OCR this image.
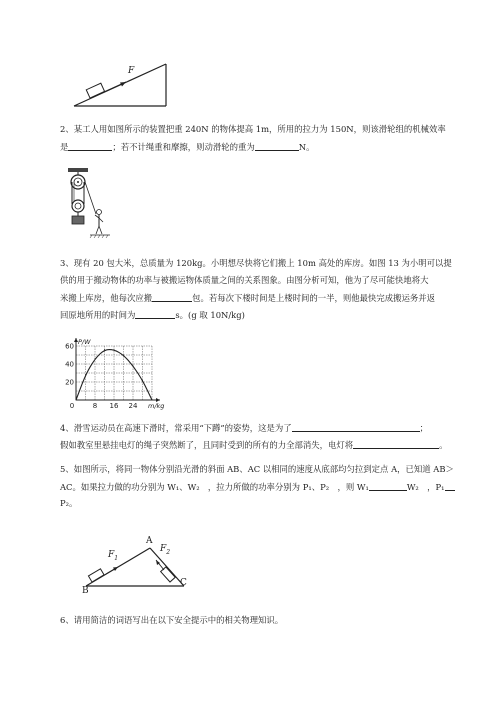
F
2、某工人用如图所示的装置把重 240N 的物体提高 1m，所用的拉力为 150N，则该滑轮组的机械效率
是	；若不计绳重和摩擦，则动滑轮的重为	N。
3、现有 20 包大米，总质量为 120kg。小明想尽快将它们搬上 10m 高处的库房。如图 13 为小明可以提
供的用于搬动物体的功率与被搬运物体质量之间的关系图象。由图分析可知，他为了尽可能快地将大
米搬上库房，他每次应搬	包。若每次下楼时间是上楼时间的一半，则他最快完成搬运务并返
回原地所用的时间为	s。(g 取 10N/kg)
P/W
m/kg
60
40
20
0	8 16 24
4、滑雪运动员在高速下滑时，常采用“下蹲”的姿势，这是为了	；
假如教室里悬挂电灯的绳子突然断了，且同时受到的所有的力全部消失，电灯将	。
5、如图所示，将同一物体分别沿光滑的斜面 AB、AC 以相同的速度从底部均匀拉到定点 A，已知道 AB＞
AC。如果拉力做的功分别为 W₁、W₂　，拉力所做的功率分别为 P₁、P₂　，则 W₁	W₂　，P₁
P₂。
A
B
C
$F_1$
$F_2$
6、请用简洁的词语写出在以下安全提示中的相关物理知识。
